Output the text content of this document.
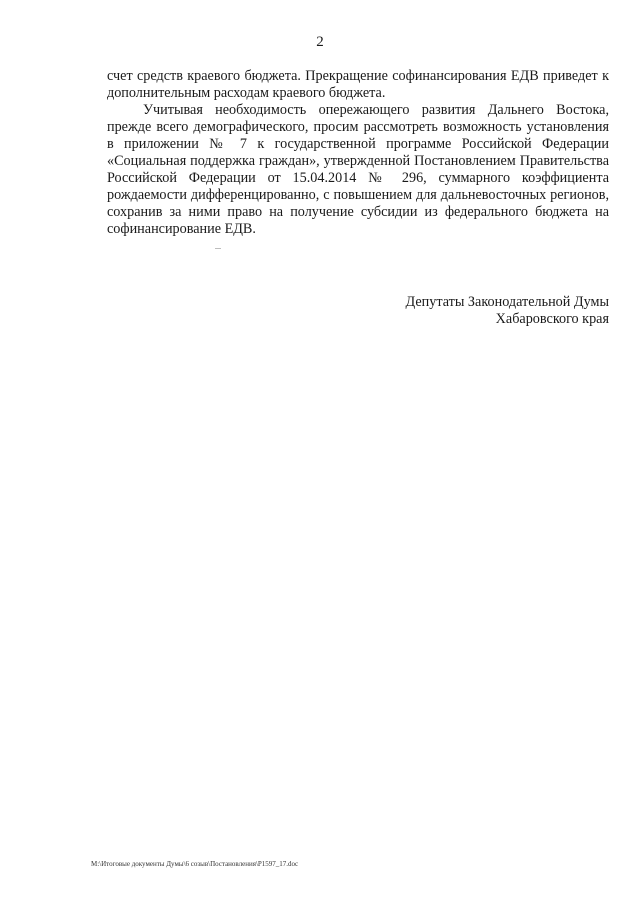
2

счет средств краевого бюджета. Прекращение софинансирования ЕДВ приведет к дополнительным расходам краевого бюджета.

Учитывая необходимость опережающего развития Дальнего Востока, прежде всего демографического, просим рассмотреть возможность установления в приложении № 7 к государственной программе Российской Федерации «Социальная поддержка граждан», утвержденной Постановлением Правительства Российской Федерации от 15.04.2014 № 296, суммарного коэффициента рождаемости дифференцированно, с повышением для дальневосточных регионов, сохранив за ними право на получение субсидии из федерального бюджета на софинансирование ЕДВ.

Депутаты Законодательной Думы
Хабаровского края
M:\Итоговые документы Думы\6 созыв\Постановления\P1597_17.doc
